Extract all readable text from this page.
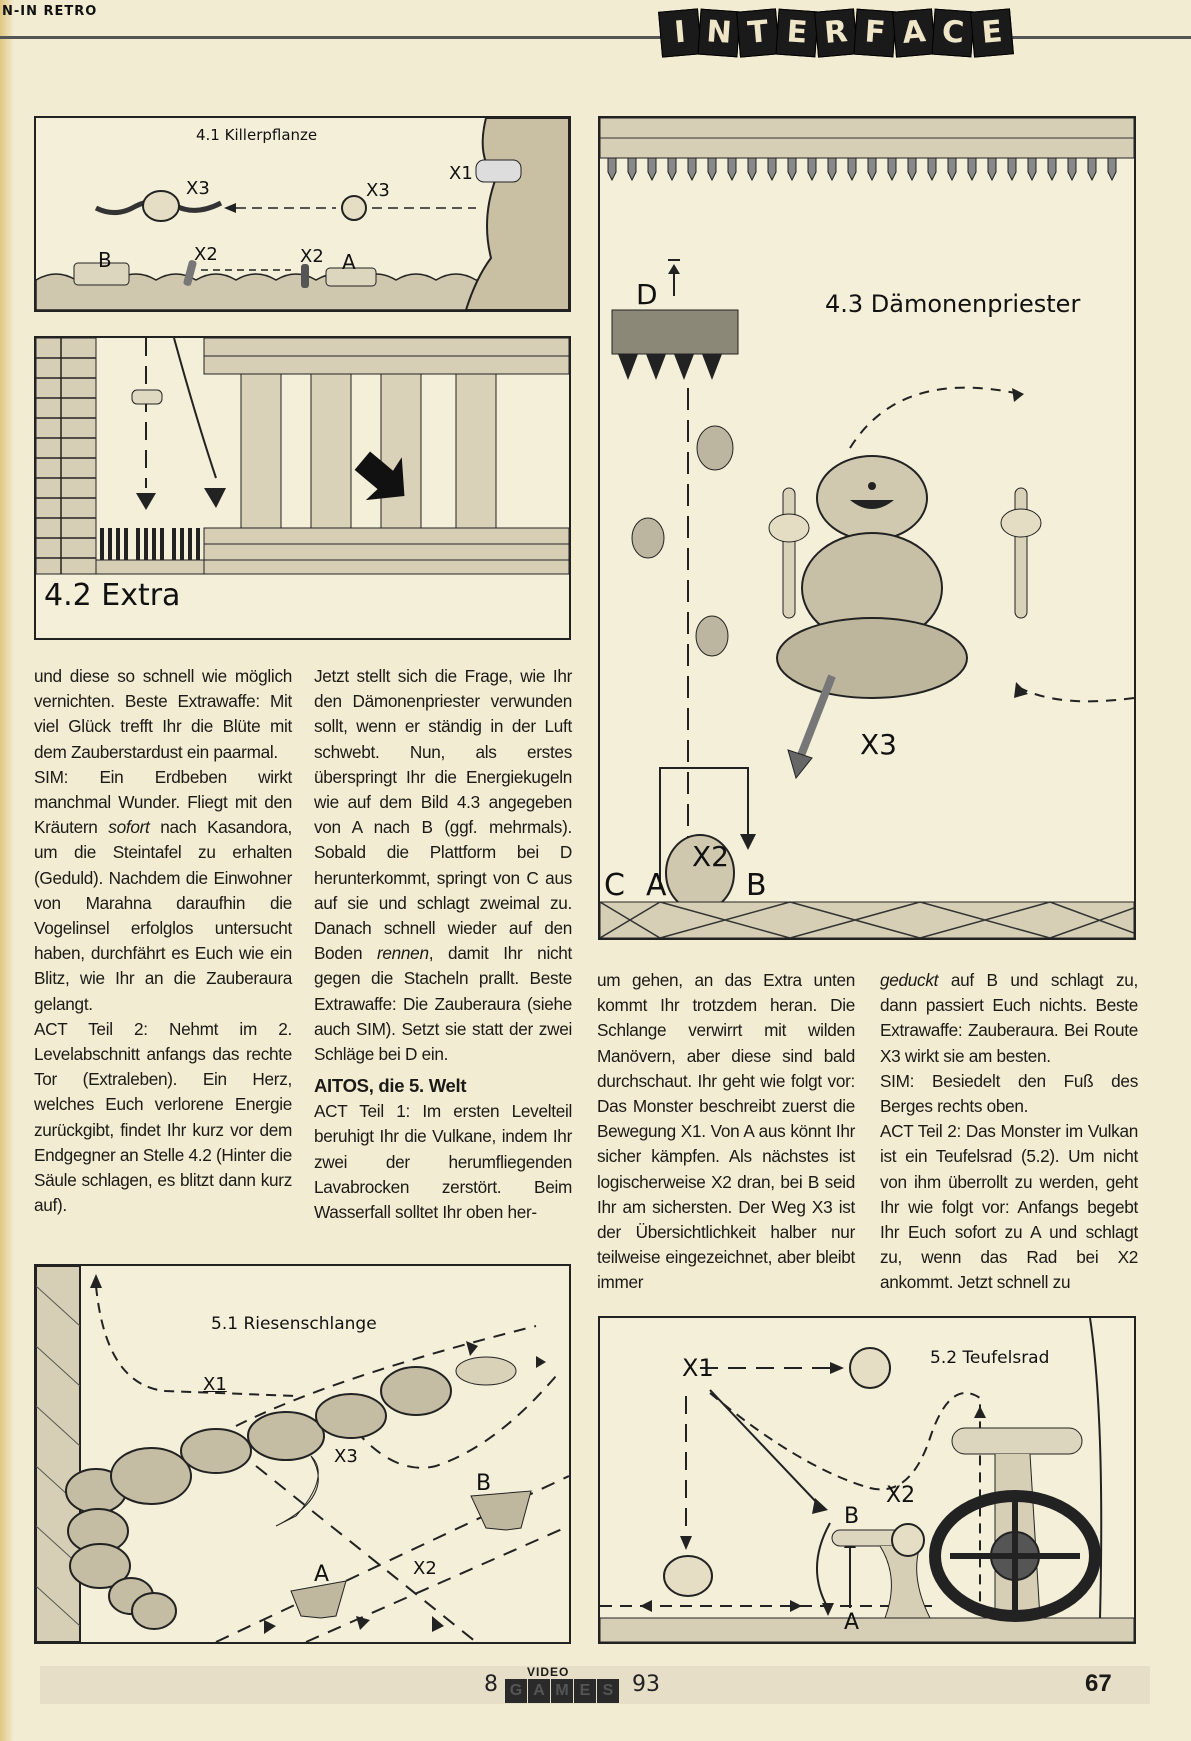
N-IN RETRO
I N T E R F A C E
4.1 Killerpflanze
X1
X3	X3
X2	X2
B	A
4.2 Extra
4.3 Dämonenpriester
D
X3
X2
C A	B

und diese so schnell wie möglich vernichten. Beste Extrawaffe: Mit viel Glück trefft Ihr die Blüte mit dem Zauberstardust ein paarmal.

SIM: Ein Erdbeben wirkt manchmal Wunder. Fliegt mit den Kräutern sofort nach Kasandora, um die Steintafel zu erhalten (Geduld). Nachdem die Einwohner von Marahna daraufhin die Vogelinsel erfolglos untersucht haben, durchfährt es Euch wie ein Blitz, wie Ihr an die Zauberaura gelangt.

ACT Teil 2: Nehmt im 2. Levelabschnitt anfangs das rechte Tor (Extraleben). Ein Herz, welches Euch verlorene Energie zurückgibt, findet Ihr kurz vor dem Endgegner an Stelle 4.2 (Hinter die Säule schlagen, es blitzt dann kurz auf).

Jetzt stellt sich die Frage, wie Ihr den Dämonenpriester verwunden sollt, wenn er ständig in der Luft schwebt. Nun, als erstes überspringt Ihr die Energiekugeln wie auf dem Bild 4.3 angegeben von A nach B (ggf. mehrmals). Sobald die Plattform bei D herunterkommt, springt von C aus auf sie und schlagt zweimal zu. Danach schnell wieder auf den Boden rennen, damit Ihr nicht gegen die Stacheln prallt. Beste Extrawaffe: Die Zauberaura (siehe auch SIM). Setzt sie statt der zwei Schläge bei D ein.

AITOS, die 5. Welt

ACT Teil 1: Im ersten Levelteil beruhigt Ihr die Vulkane, indem Ihr zwei der herumfliegenden Lavabrocken zerstört. Beim Wasserfall solltet Ihr oben her-

um gehen, an das Extra unten kommt Ihr trotzdem heran. Die Schlange verwirrt mit wilden Manövern, aber diese sind bald durchschaut. Ihr geht wie folgt vor: Das Monster beschreibt zuerst die Bewegung X1. Von A aus könnt Ihr sicher kämpfen. Als nächstes ist logischerweise X2 dran, bei B seid Ihr am sichersten. Der Weg X3 ist der Übersichtlichkeit halber nur teilweise eingezeichnet, aber bleibt immer

geduckt auf B und schlagt zu, dann passiert Euch nichts. Beste Extrawaffe: Zauberaura. Bei Route X3 wirkt sie am besten.

SIM: Besiedelt den Fuß des Berges rechts oben.

ACT Teil 2: Das Monster im Vulkan ist ein Teufelsrad (5.2). Um nicht von ihm überrollt zu werden, geht Ihr wie folgt vor: Anfangs begebt Ihr Euch sofort zu A und schlagt zu, wenn das Rad bei X2 ankommt. Jetzt schnell zu

5.1 Riesenschlange
X1
X3
X2
A
B
5.2 Teufelsrad
X1
X2
B
A
8 VIDEO
G A M E S 93	67
